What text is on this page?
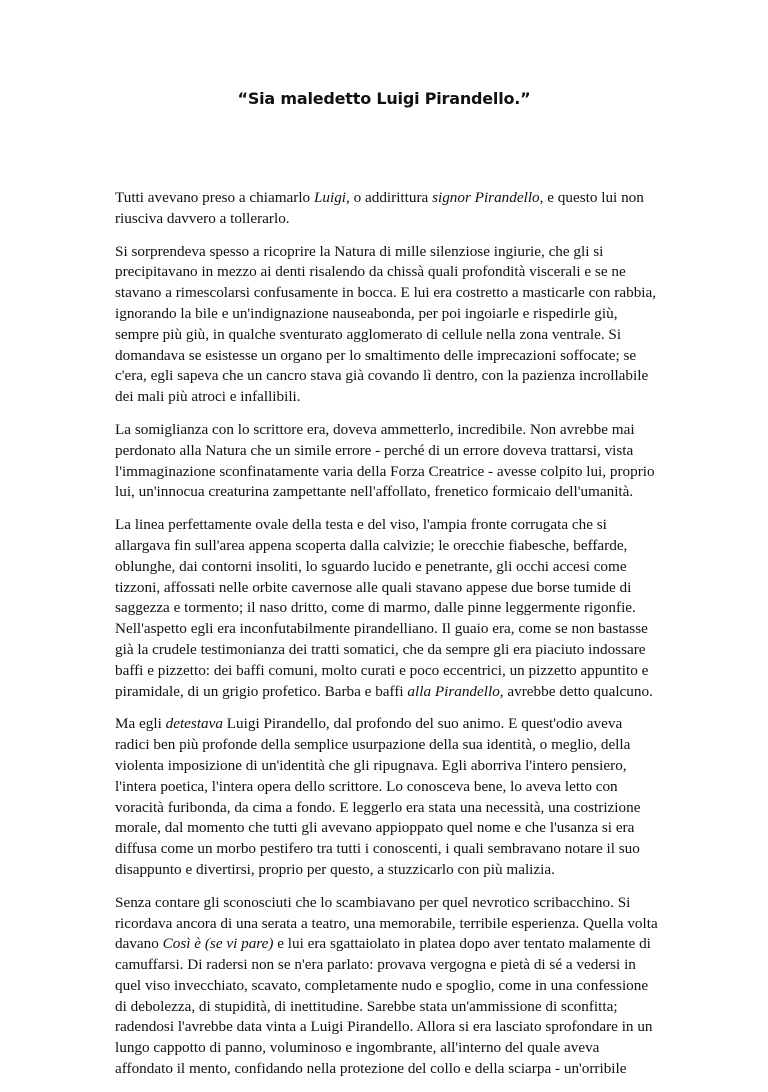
“Sia maledetto Luigi Pirandello.”

Tutti avevano preso a chiamarlo Luigi, o addirittura signor Pirandello, e questo lui non riusciva davvero a tollerarlo.

Si sorprendeva spesso a ricoprire la Natura di mille silenziose ingiurie, che gli si precipitavano in mezzo ai denti risalendo da chissà quali profondità viscerali e se ne stavano a rimescolarsi confusamente in bocca. E lui era costretto a masticarle con rabbia, ignorando la bile e un'indignazione nauseabonda, per poi ingoiarle e rispedirle giù, sempre più giù, in qualche sventurato agglomerato di cellule nella zona ventrale. Si domandava se esistesse un organo per lo smaltimento delle imprecazioni soffocate; se c'era, egli sapeva che un cancro stava già covando lì dentro, con la pazienza incrollabile dei mali più atroci e infallibili.

La somiglianza con lo scrittore era, doveva ammetterlo, incredibile. Non avrebbe mai perdonato alla Natura che un simile errore - perché di un errore doveva trattarsi, vista l'immaginazione sconfinatamente varia della Forza Creatrice - avesse colpito lui, proprio lui, un'innocua creaturina zampettante nell'affollato, frenetico formicaio dell'umanità.

La linea perfettamente ovale della testa e del viso, l'ampia fronte corrugata che si allargava fin sull'area appena scoperta dalla calvizie; le orecchie fiabesche, beffarde, oblunghe, dai contorni insoliti, lo sguardo lucido e penetrante, gli occhi accesi come tizzoni, affossati nelle orbite cavernose alle quali stavano appese due borse tumide di saggezza e tormento; il naso dritto, come di marmo, dalle pinne leggermente rigonfie. Nell'aspetto egli era inconfutabilmente pirandelliano. Il guaio era, come se non bastasse già la crudele testimonianza dei tratti somatici, che da sempre gli era piaciuto indossare baffi e pizzetto: dei baffi comuni, molto curati e poco eccentrici, un pizzetto appuntito e piramidale, di un grigio profetico. Barba e baffi alla Pirandello, avrebbe detto qualcuno.

Ma egli detestava Luigi Pirandello, dal profondo del suo animo. E quest'odio aveva radici ben più profonde della semplice usurpazione della sua identità, o meglio, della violenta imposizione di un'identità che gli ripugnava. Egli aborriva l'intero pensiero, l'intera poetica, l'intera opera dello scrittore. Lo conosceva bene, lo aveva letto con voracità furibonda, da cima a fondo. E leggerlo era stata una necessità, una costrizione morale, dal momento che tutti gli avevano appioppato quel nome e che l'usanza si era diffusa come un morbo pestifero tra tutti i conoscenti, i quali sembravano notare il suo disappunto e divertirsi, proprio per questo, a stuzzicarlo con più malizia.

Senza contare gli sconosciuti che lo scambiavano per quel nevrotico scribacchino. Si ricordava ancora di una serata a teatro, una memorabile, terribile esperienza. Quella volta davano Così è (se vi pare) e lui era sgattaiolato in platea dopo aver tentato malamente di camuffarsi. Di radersi non se n'era parlato: provava vergogna e pietà di sé a vedersi in quel viso invecchiato, scavato, completamente nudo e spoglio, come in una confessione di debolezza, di stupidità, di inettitudine. Sarebbe stata un'ammissione di sconfitta; radendosi l'avrebbe data vinta a Luigi Pirandello. Allora si era lasciato sprofondare in un lungo cappotto di panno, voluminoso e ingombrante, all'interno del quale aveva affondato il mento, confidando nella protezione del collo e della sciarpa - un'orribile
